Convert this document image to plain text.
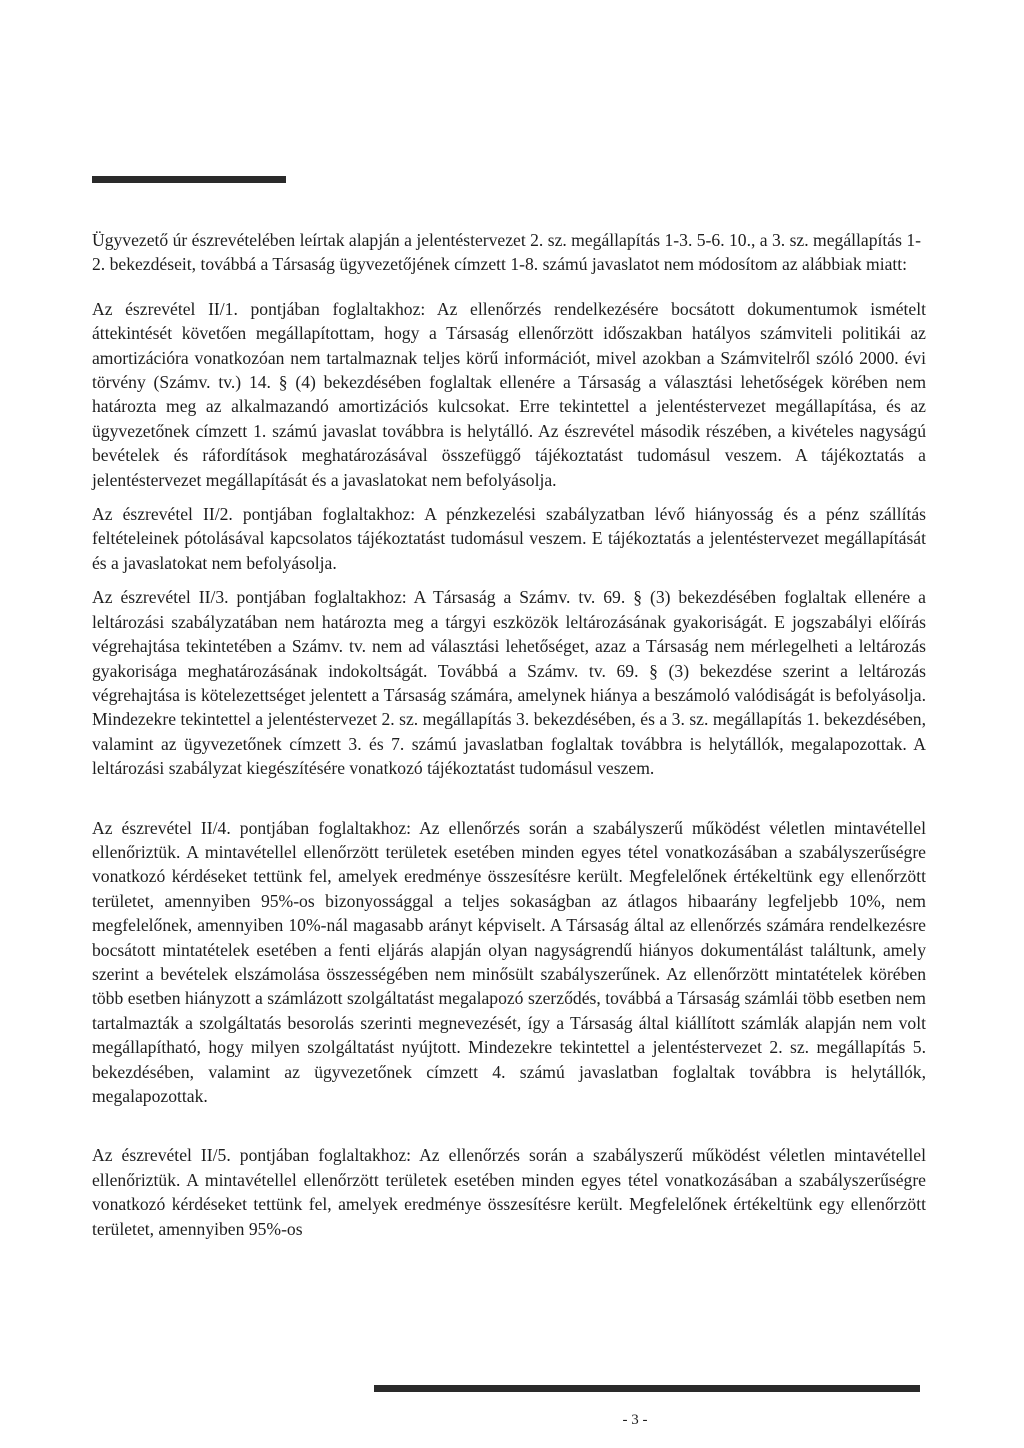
Ügyvezető úr észrevételében leírtak alapján a jelentéstervezet 2. sz. megállapítás 1-3. 5-6. 10., a 3. sz. megállapítás 1-2. bekezdéseit, továbbá a Társaság ügyvezetőjének címzett 1-8. számú javaslatot nem módosítom az alábbiak miatt:

Az észrevétel II/1. pontjában foglaltakhoz: Az ellenőrzés rendelkezésére bocsátott dokumentumok ismételt áttekintését követően megállapítottam, hogy a Társaság ellenőrzött időszakban hatályos számviteli politikái az amortizációra vonatkozóan nem tartalmaznak teljes körű információt, mivel azokban a Számvitelről szóló 2000. évi törvény (Számv. tv.) 14. § (4) bekezdésében foglaltak ellenére a Társaság a választási lehetőségek körében nem határozta meg az alkalmazandó amortizációs kulcsokat. Erre tekintettel a jelentéstervezet megállapítása, és az ügyvezetőnek címzett 1. számú javaslat továbbra is helytálló. Az észrevétel második részében, a kivételes nagyságú bevételek és ráfordítások meghatározásával összefüggő tájékoztatást tudomásul veszem. A tájékoztatás a jelentéstervezet megállapítását és a javaslatokat nem befolyásolja.

Az észrevétel II/2. pontjában foglaltakhoz: A pénzkezelési szabályzatban lévő hiányosság és a pénz szállítás feltételeinek pótolásával kapcsolatos tájékoztatást tudomásul veszem. E tájékoztatás a jelentéstervezet megállapítását és a javaslatokat nem befolyásolja.

Az észrevétel II/3. pontjában foglaltakhoz: A Társaság a Számv. tv. 69. § (3) bekezdésében foglaltak ellenére a leltározási szabályzatában nem határozta meg a tárgyi eszközök leltározásának gyakoriságát. E jogszabályi előírás végrehajtása tekintetében a Számv. tv. nem ad választási lehetőséget, azaz a Társaság nem mérlegelheti a leltározás gyakorisága meghatározásának indokoltságát. Továbbá a Számv. tv. 69. § (3) bekezdése szerint a leltározás végrehajtása is kötelezettséget jelentett a Társaság számára, amelynek hiánya a beszámoló valódiságát is befolyásolja. Mindezekre tekintettel a jelentéstervezet 2. sz. megállapítás 3. bekezdésében, és a 3. sz. megállapítás 1. bekezdésében, valamint az ügyvezetőnek címzett 3. és 7. számú javaslatban foglaltak továbbra is helytállók, megalapozottak. A leltározási szabályzat kiegészítésére vonatkozó tájékoztatást tudomásul veszem.

Az észrevétel II/4. pontjában foglaltakhoz: Az ellenőrzés során a szabályszerű működést véletlen mintavétellel ellenőriztük. A mintavétellel ellenőrzött területek esetében minden egyes tétel vonatkozásában a szabályszerűségre vonatkozó kérdéseket tettünk fel, amelyek eredménye összesítésre került. Megfelelőnek értékeltünk egy ellenőrzött területet, amennyiben 95%-os bizonyossággal a teljes sokaságban az átlagos hibaarány legfeljebb 10%, nem megfelelőnek, amennyiben 10%-nál magasabb arányt képviselt. A Társaság által az ellenőrzés számára rendelkezésre bocsátott mintatételek esetében a fenti eljárás alapján olyan nagyságrendű hiányos dokumentálást találtunk, amely szerint a bevételek elszámolása összességében nem minősült szabályszerűnek. Az ellenőrzött mintatételek körében több esetben hiányzott a számlázott szolgáltatást megalapozó szerződés, továbbá a Társaság számlái több esetben nem tartalmazták a szolgáltatás besorolás szerinti megnevezését, így a Társaság által kiállított számlák alapján nem volt megállapítható, hogy milyen szolgáltatást nyújtott. Mindezekre tekintettel a jelentéstervezet 2. sz. megállapítás 5. bekezdésében, valamint az ügyvezetőnek címzett 4. számú javaslatban foglaltak továbbra is helytállók, megalapozottak.

Az észrevétel II/5. pontjában foglaltakhoz: Az ellenőrzés során a szabályszerű működést véletlen mintavétellel ellenőriztük. A mintavétellel ellenőrzött területek esetében minden egyes tétel vonatkozásában a szabályszerűségre vonatkozó kérdéseket tettünk fel, amelyek eredménye összesítésre került. Megfelelőnek értékeltünk egy ellenőrzött területet, amennyiben 95%-os

- 3 -
